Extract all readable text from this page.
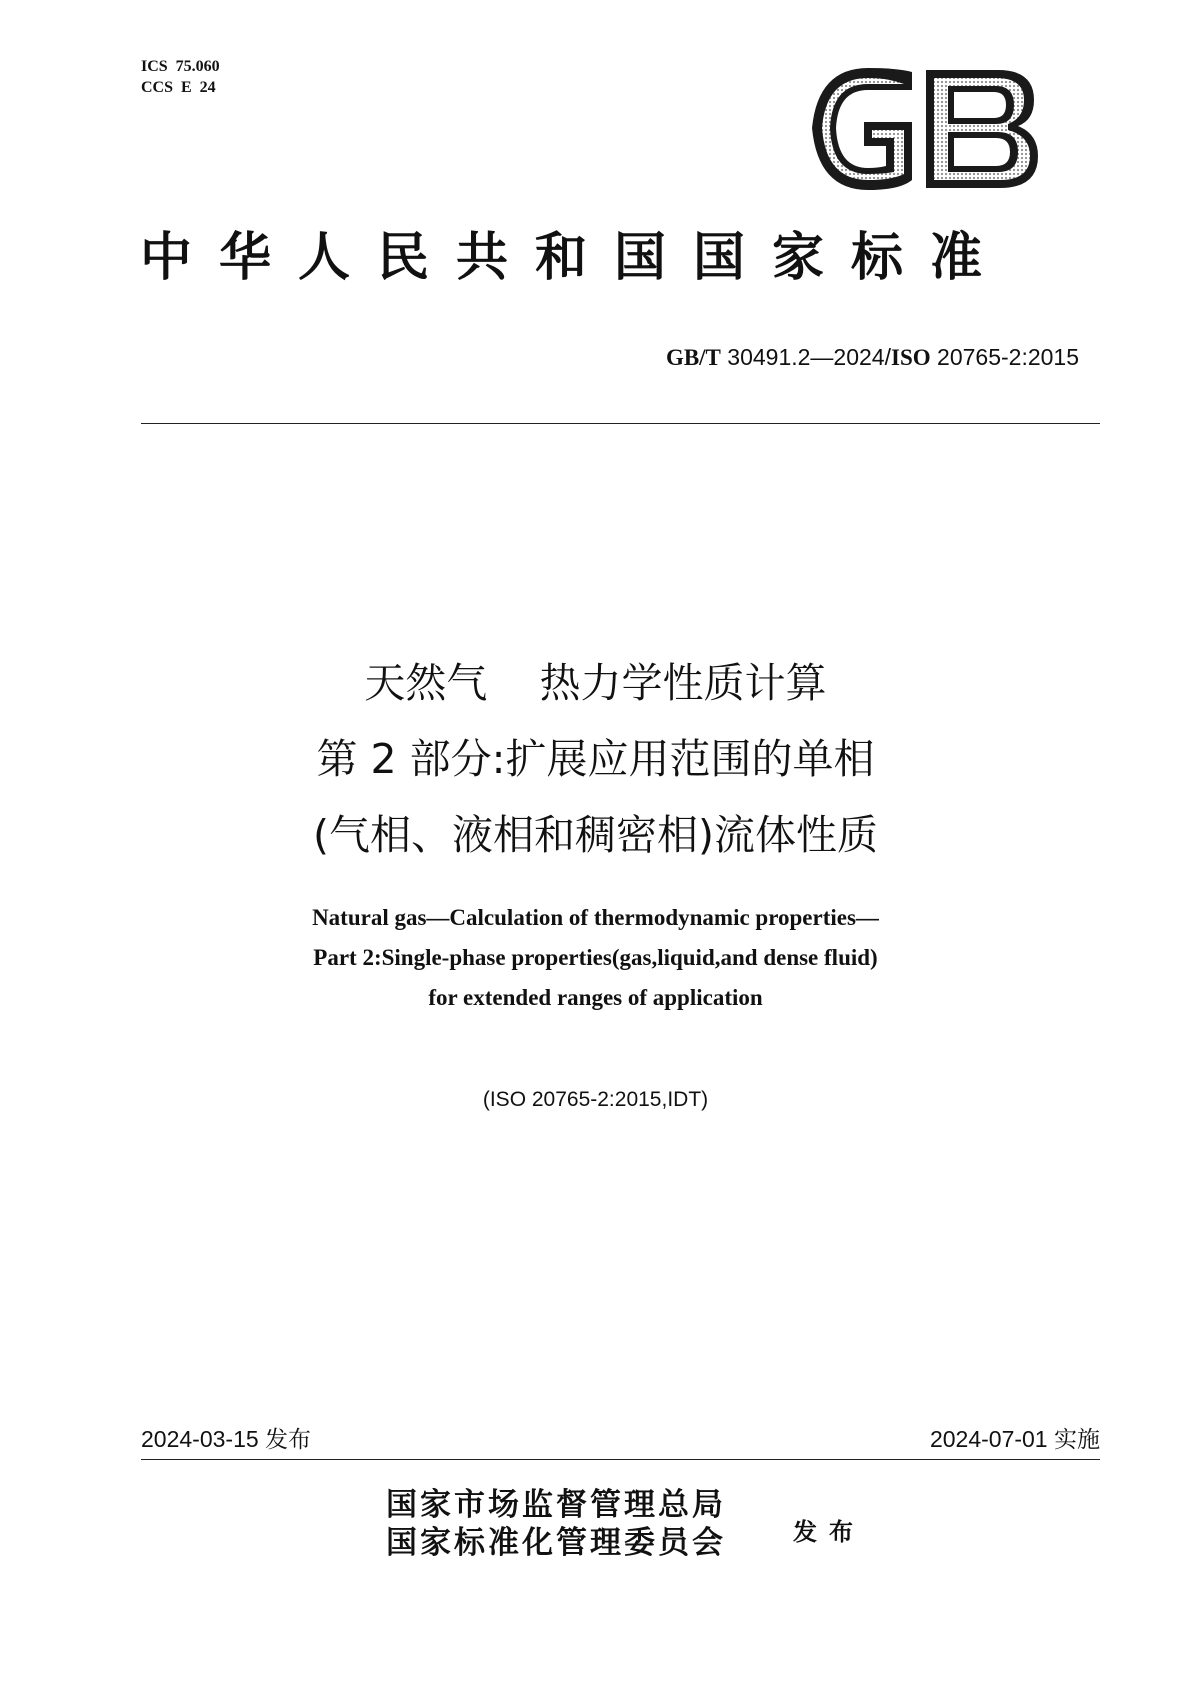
ICS  75.060
CCS  E  24
中华人民共和国国家标准
GB/T 30491.2—2024/ISO 20765-2:2015
天然气    热力学性质计算
第 2 部分:扩展应用范围的单相
(气相、液相和稠密相)流体性质
Natural gas—Calculation of thermodynamic properties—
Part 2:Single-phase properties(gas,liquid,and dense fluid)
for extended ranges of application
(ISO 20765-2:2015,IDT)
2024-03-15 发布	2024-07-01 实施
国家市场监督管理总局
国家标准化管理委员会	发布
